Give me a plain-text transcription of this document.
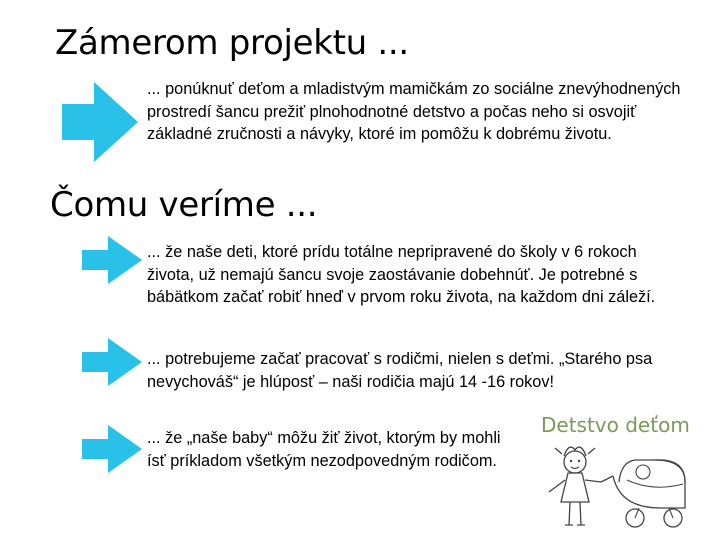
Zámerom projektu ...

... ponúknuť deťom a mladistvým mamičkám zo sociálne znevýhodnených prostredí šancu prežiť plnohodnotné detstvo a počas neho si osvojiť základné zručnosti a návyky, ktoré im pomôžu k dobrému životu.

Čomu veríme ...

... že naše deti, ktoré prídu totálne nepripravené do školy v 6 rokoch života, už nemajú šancu svoje zaostávanie dobehnúť. Je potrebné s bábätkom začať robiť hneď v prvom roku života, na každom dni záleží.

... potrebujeme začať pracovať s rodičmi, nielen s deťmi. „Starého psa nevychováš“ je hlúposť – naši rodičia majú 14 -16 rokov!

... že „naše baby“ môžu žiť život, ktorým by mohli ísť príkladom všetkým nezodpovedným rodičom.

Detstvo deťom
